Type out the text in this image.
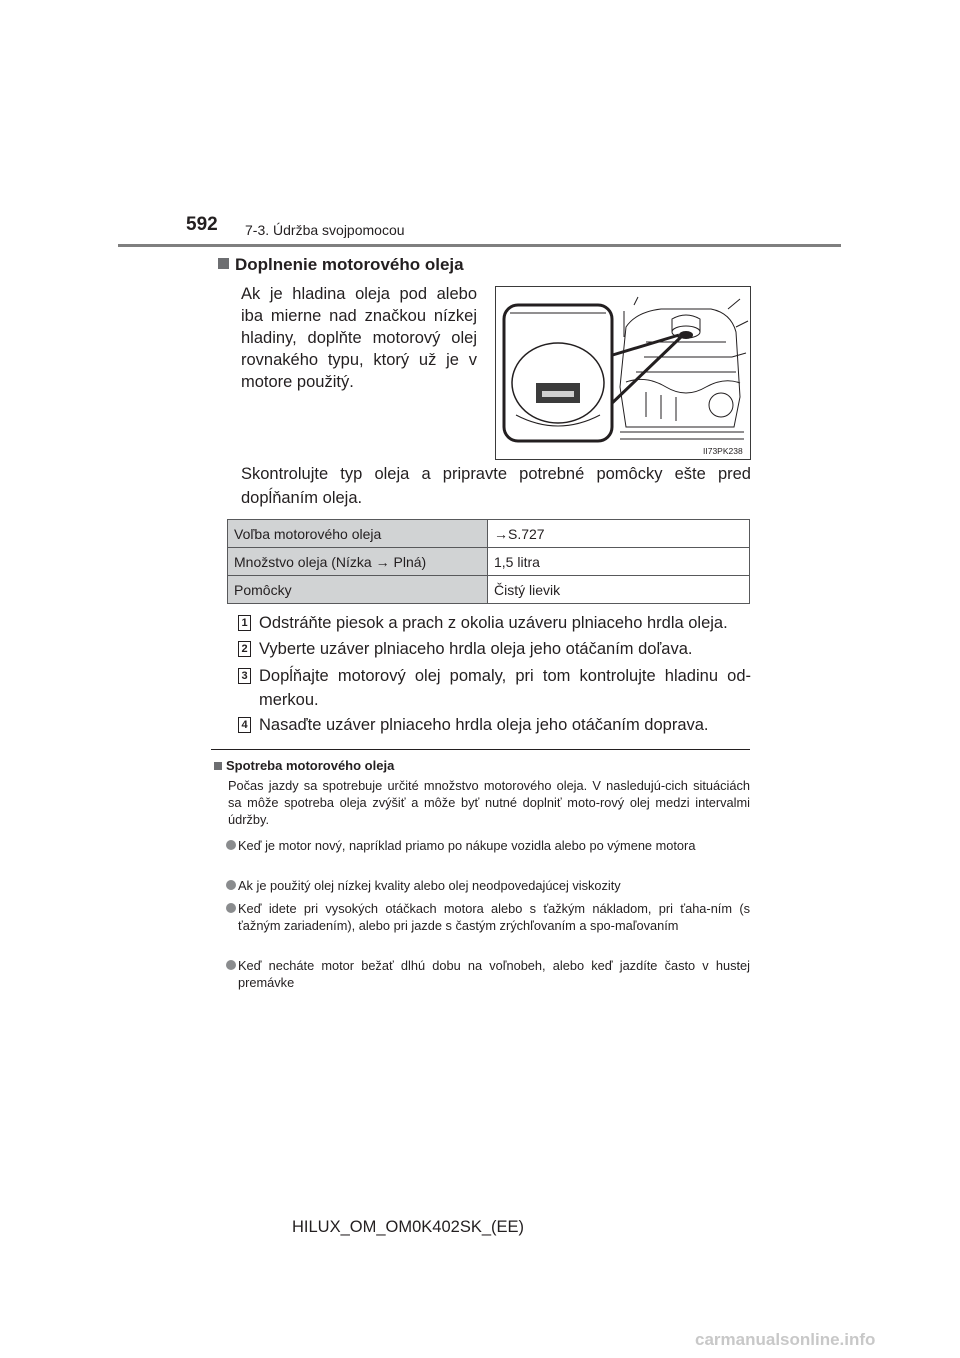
592 7-3. Údržba svojpomocou
Doplnenie motorového oleja
Ak je hladina oleja pod alebo iba mierne nad značkou nízkej hladiny, doplňte motorový olej rovnakého typu, ktorý už je v motore použitý.
II73PK238
Skontrolujte typ oleja a pripravte potrebné pomôcky ešte pred dopĺňaním oleja.
Voľba motorového oleja	→S.727
Množstvo oleja (Nízka → Plná)	1,5 litra
Pomôcky	Čistý lievik
1 Odstráňte piesok a prach z okolia uzáveru plniaceho hrdla oleja.
2 Vyberte uzáver plniaceho hrdla oleja jeho otáčaním doľava.
3 Dopĺňajte motorový olej pomaly, pri tom kontrolujte hladinu od-merkou.
4 Nasaďte uzáver plniaceho hrdla oleja jeho otáčaním doprava.
Spotreba motorového oleja
Počas jazdy sa spotrebuje určité množstvo motorového oleja. V nasledujú-cich situáciách sa môže spotreba oleja zvýšiť a môže byť nutné doplniť moto-rový olej medzi intervalmi údržby.
Keď je motor nový, napríklad priamo po nákupe vozidla alebo po výmene motora
Ak je použitý olej nízkej kvality alebo olej neodpovedajúcej viskozity
Keď idete pri vysokých otáčkach motora alebo s ťažkým nákladom, pri ťaha-ním (s ťažným zariadením), alebo pri jazde s častým zrýchľovaním a spo-maľovaním
Keď necháte motor bežať dlhú dobu na voľnobeh, alebo keď jazdíte často v hustej premávke
HILUX_OM_OM0K402SK_(EE)
carmanualsonline.info
